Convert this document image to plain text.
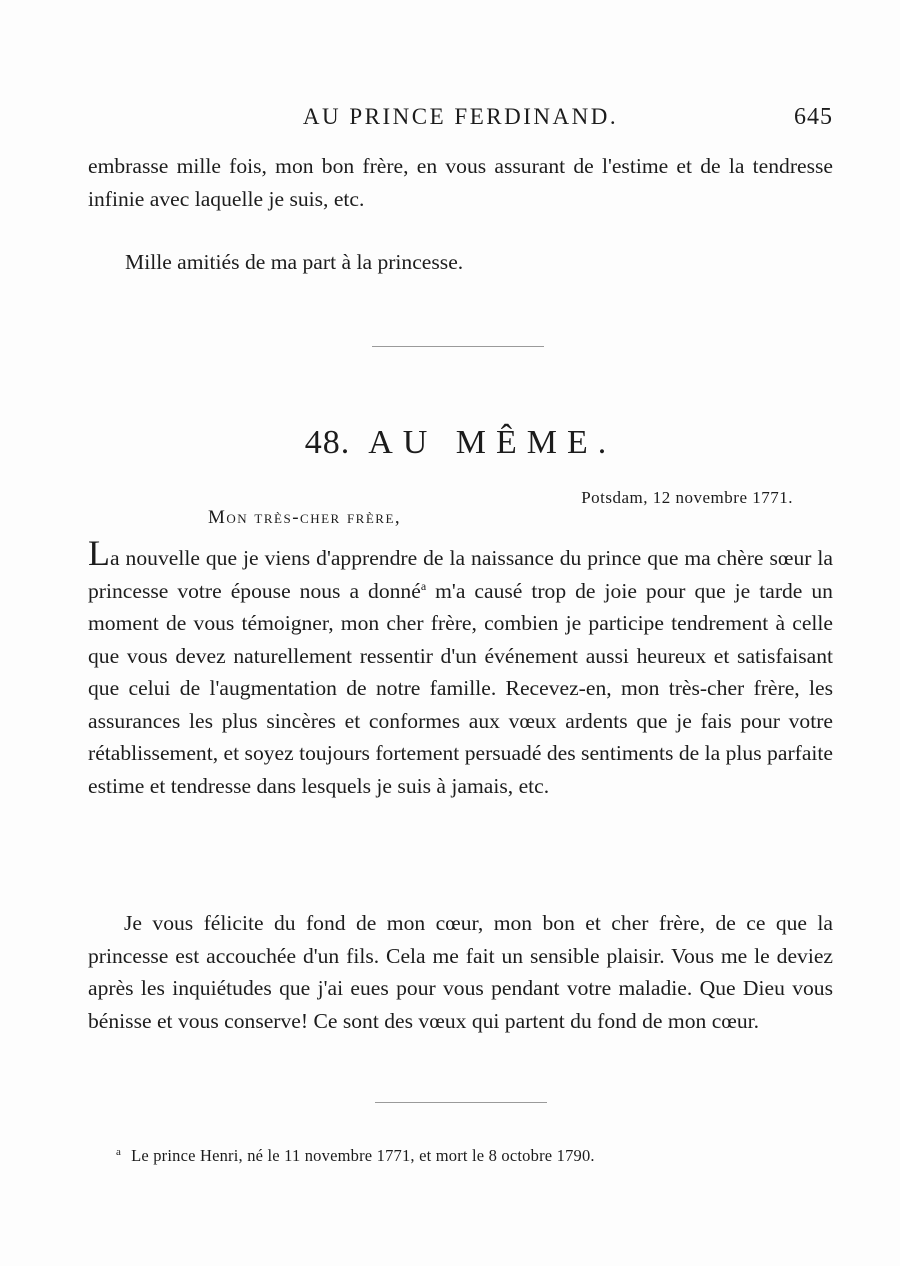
AU PRINCE FERDINAND.	645

embrasse mille fois, mon bon frère, en vous assurant de l'estime et de la tendresse infinie avec laquelle je suis, etc.

Mille amitiés de ma part à la princesse.
48. AU MÊME.
Potsdam, 12 novembre 1771.
Mon très-cher frère,

La nouvelle que je viens d'apprendre de la naissance du prince que ma chère sœur la princesse votre épouse nous a donné$^a$ m'a causé trop de joie pour que je tarde un moment de vous témoigner, mon cher frère, combien je participe tendrement à celle que vous devez naturellement ressentir d'un événement aussi heureux et satisfaisant que celui de l'augmentation de notre famille. Recevez-en, mon très-cher frère, les assurances les plus sincères et conformes aux vœux ardents que je fais pour votre rétablissement, et soyez toujours fortement persuadé des sentiments de la plus parfaite estime et tendresse dans lesquels je suis à jamais, etc.

Je vous félicite du fond de mon cœur, mon bon et cher frère, de ce que la princesse est accouchée d'un fils. Cela me fait un sensible plaisir. Vous me le deviez après les inquiétudes que j'ai eues pour vous pendant votre maladie. Que Dieu vous bénisse et vous conserve! Ce sont des vœux qui partent du fond de mon cœur.

$^a$ Le prince Henri, né le 11 novembre 1771, et mort le 8 octobre 1790.
